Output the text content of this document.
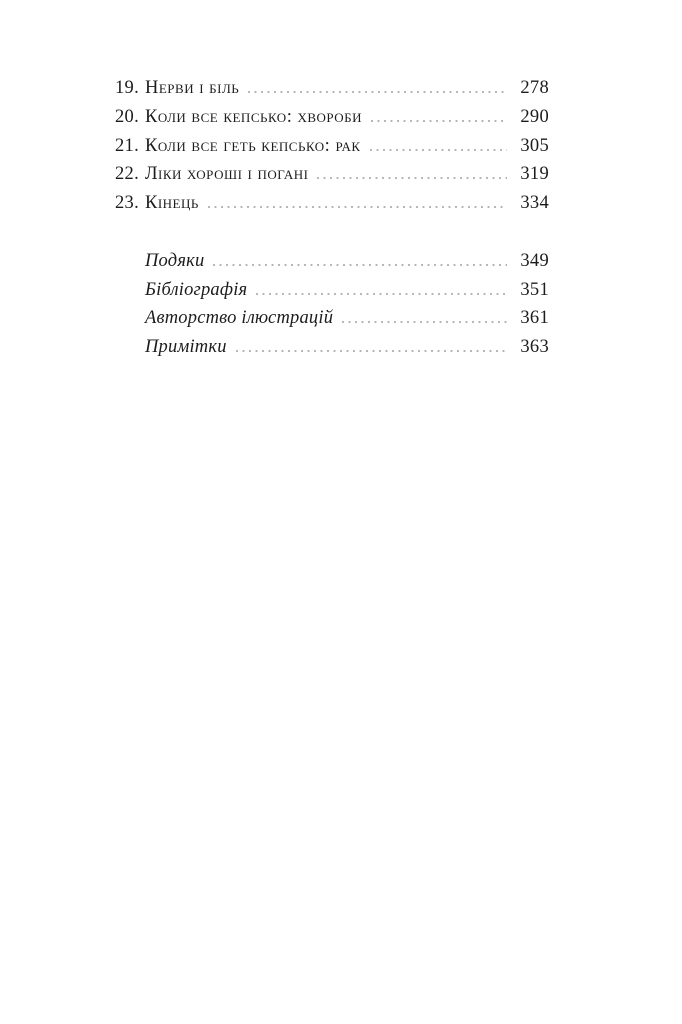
19. Нерви і біль	278
20. Коли все кепсько: хвороби	290
21. Коли все геть кепсько: рак	305
22. Ліки хороші і погані	319
23. Кінець	334
Подяки	349
Бібліографія	351
Авторство ілюстрацій	361
Примітки	363
